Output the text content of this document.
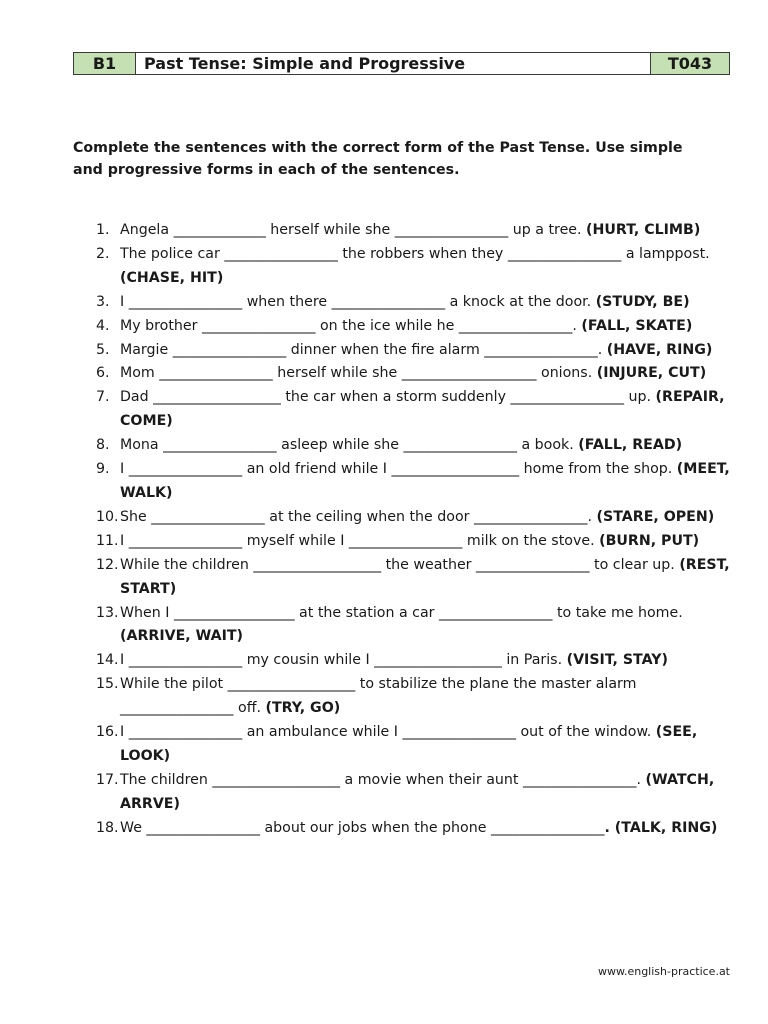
B1	Past Tense: Simple and Progressive	T043
Complete the sentences with the correct form of the Past Tense. Use simple and progressive forms in each of the sentences.
1. Angela _____________ herself while she ________________ up a tree. (HURT, CLIMB)
2. The police car ________________ the robbers when they ________________ a lamppost. (CHASE, HIT)
3. I ________________ when there ________________ a knock at the door. (STUDY, BE)
4. My brother ________________ on the ice while he ________________. (FALL, SKATE)
5. Margie ________________ dinner when the fire alarm ________________. (HAVE, RING)
6. Mom ________________ herself while she ___________________ onions. (INJURE, CUT)
7. Dad __________________ the car when a storm suddenly ________________ up. (REPAIR, COME)
8. Mona ________________ asleep while she ________________ a book. (FALL, READ)
9. I ________________ an old friend while I __________________ home from the shop. (MEET, WALK)
10. She ________________ at the ceiling when the door ________________. (STARE, OPEN)
11. I ________________ myself while I ________________ milk on the stove. (BURN, PUT)
12. While the children __________________ the weather ________________ to clear up. (REST, START)
13. When I _________________ at the station a car ________________ to take me home. (ARRIVE, WAIT)
14. I ________________ my cousin while I __________________ in Paris. (VISIT, STAY)
15. While the pilot __________________ to stabilize the plane the master alarm ________________ off. (TRY, GO)
16. I ________________ an ambulance while I ________________ out of the window. (SEE, LOOK)
17. The children __________________ a movie when their aunt ________________. (WATCH, ARRVE)
18. We ________________ about our jobs when the phone ________________. (TALK, RING)
www.english-practice.at
